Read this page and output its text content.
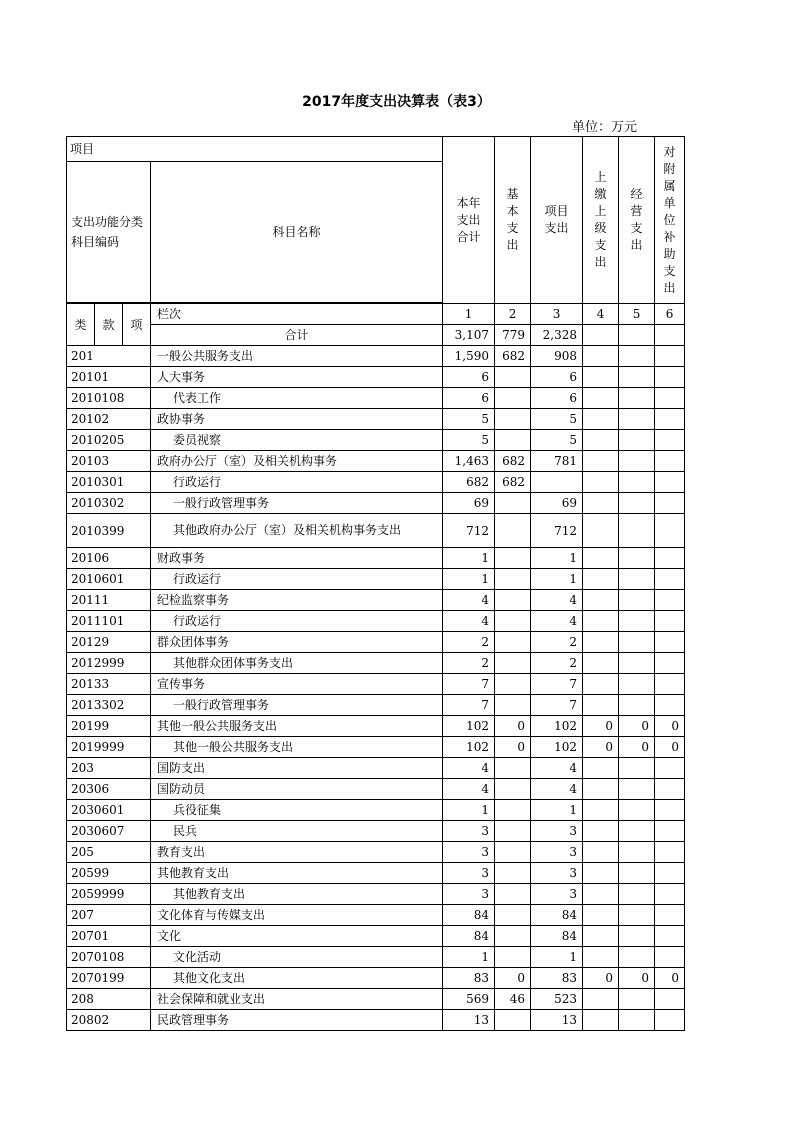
2017年度支出决算表（表3）
单位：万元
项目				本年支出合计	基本支出	项目支出	上缴上级支出	经营支出	对附属单位补助支出
支出功能分类科目编码			科目名称						

类	款	项	栏次	1	2	3	4	5	6
			合计	3,107	779	2,328			
201			一般公共服务支出	1,590	682	908			
20101			人大事务	6		6			
2010108			代表工作	6		6			
20102			政协事务	5		5			
2010205			委员视察	5		5			
20103			政府办公厅（室）及相关机构事务	1,463	682	781			
2010301			行政运行	682	682				
2010302			一般行政管理事务	69		69			
2010399			其他政府办公厅（室）及相关机构事务支出	712		712			
20106			财政事务	1		1			
2010601			行政运行	1		1			
20111			纪检监察事务	4		4			
2011101			行政运行	4		4			
20129			群众团体事务	2		2			
2012999			其他群众团体事务支出	2		2			
20133			宣传事务	7		7			
2013302			一般行政管理事务	7		7			
20199			其他一般公共服务支出	102	0	102	0	0	0
2019999			其他一般公共服务支出	102	0	102	0	0	0
203			国防支出	4		4			
20306			国防动员	4		4			
2030601			兵役征集	1		1			
2030607			民兵	3		3			
205			教育支出	3		3			
20599			其他教育支出	3		3			
2059999			其他教育支出	3		3			
207			文化体育与传媒支出	84		84			
20701			文化	84		84			
2070108			文化活动	1		1			
2070199			其他文化支出	83	0	83	0	0	0
208			社会保障和就业支出	569	46	523			
20802			民政管理事务	13		13			
